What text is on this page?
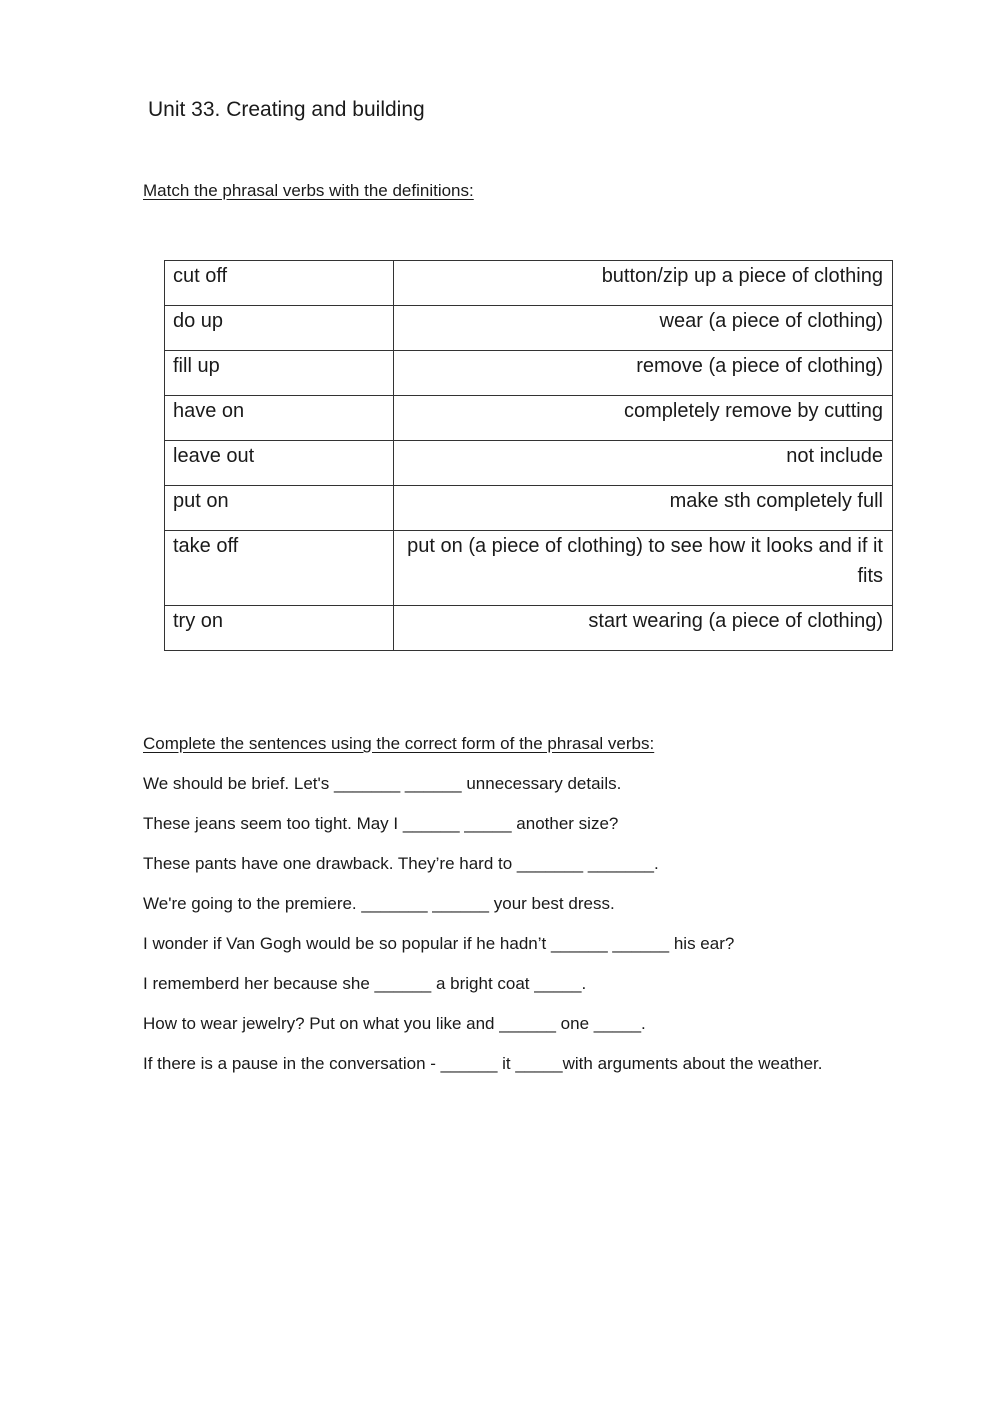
Unit 33. Creating and building
Match the phrasal verbs with the definitions:
cut off	button/zip up a piece of clothing
do up	wear (a piece of clothing)
fill up	remove (a piece of clothing)
have on	completely remove by cutting
leave out	not include
put on	make sth completely full
take off	put on (a piece of clothing) to see how it looks and if it fits
try on	start wearing (a piece of clothing)
Complete the sentences using the correct form of the phrasal verbs:
We should be brief. Let's _______ ______ unnecessary details.
These jeans seem too tight. May I ______ _____ another size?
These pants have one drawback. They’re hard to _______ _______.
We're going to the premiere. _______ ______ your best dress.
I wonder if Van Gogh would be so popular if he hadn’t ______ ______ his ear?
I rememberd her because she ______ a bright coat _____.
How to wear jewelry? Put on what you like and ______ one _____.
If there is a pause in the conversation - ______ it _____with arguments about the weather.
